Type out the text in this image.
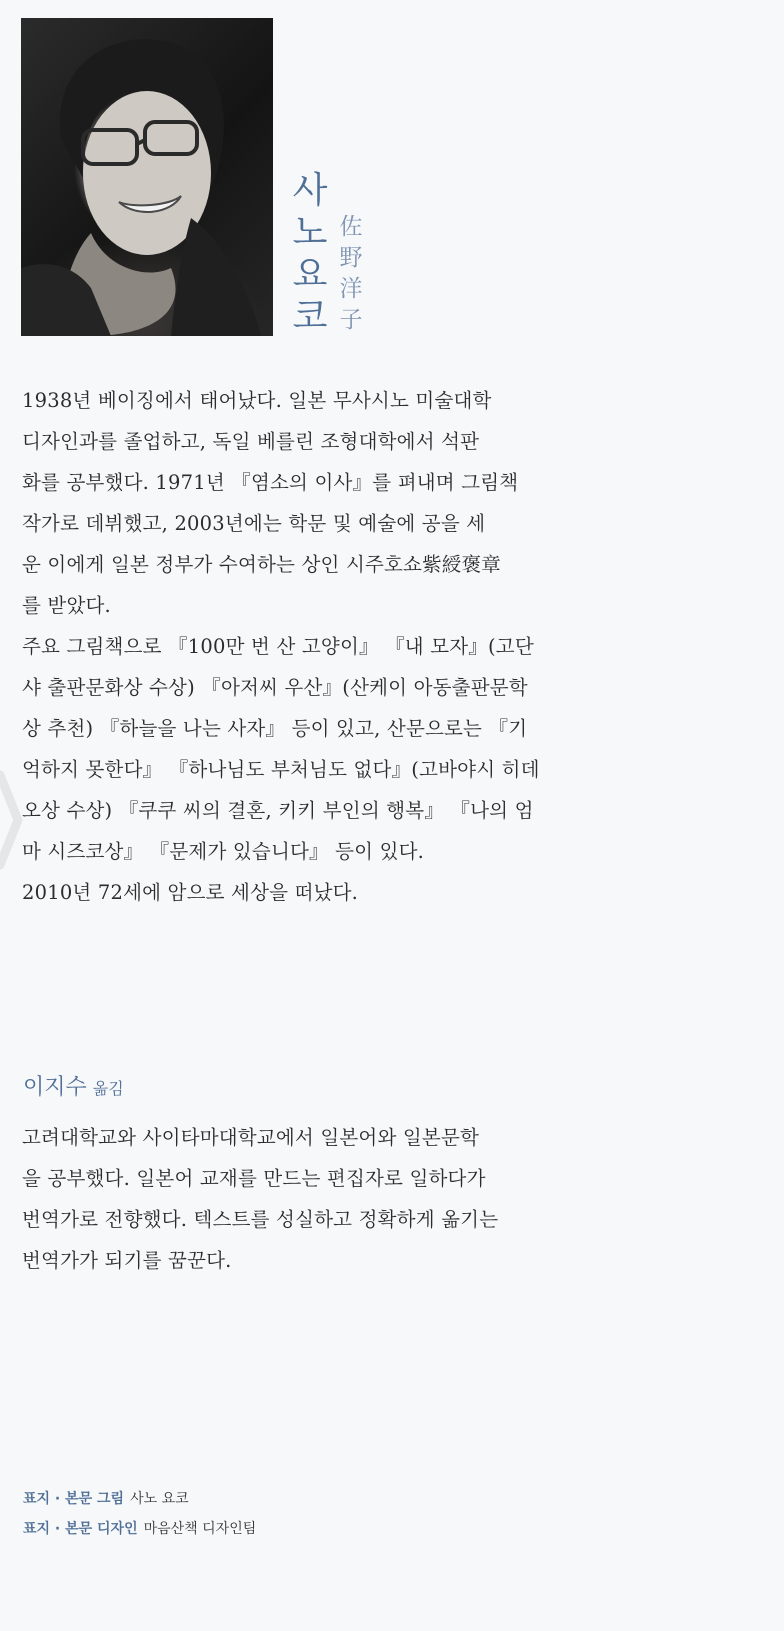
사
노
요
코
佐
野
洋
子
1938년 베이징에서 태어났다. 일본 무사시노 미술대학
디자인과를 졸업하고, 독일 베를린 조형대학에서 석판
화를 공부했다. 1971년 『염소의 이사』를 펴내며 그림책
작가로 데뷔했고, 2003년에는 학문 및 예술에 공을 세
운 이에게 일본 정부가 수여하는 상인 시주호쇼紫綬褒章
를 받았다.
주요 그림책으로 『100만 번 산 고양이』 『내 모자』(고단
샤 출판문화상 수상) 『아저씨 우산』(산케이 아동출판문학
상 추천) 『하늘을 나는 사자』 등이 있고, 산문으로는 『기
억하지 못한다』 『하나님도 부처님도 없다』(고바야시 히데
오상 수상) 『쿠쿠 씨의 결혼, 키키 부인의 행복』 『나의 엄
마 시즈코상』 『문제가 있습니다』 등이 있다.
2010년 72세에 암으로 세상을 떠났다.
이지수 옮김
고려대학교와 사이타마대학교에서 일본어와 일본문학
을 공부했다. 일본어 교재를 만드는 편집자로 일하다가
번역가로 전향했다. 텍스트를 성실하고 정확하게 옮기는
번역가가 되기를 꿈꾼다.
표지 · 본문 그림 사노 요코
표지 · 본문 디자인 마음산책 디자인팀
